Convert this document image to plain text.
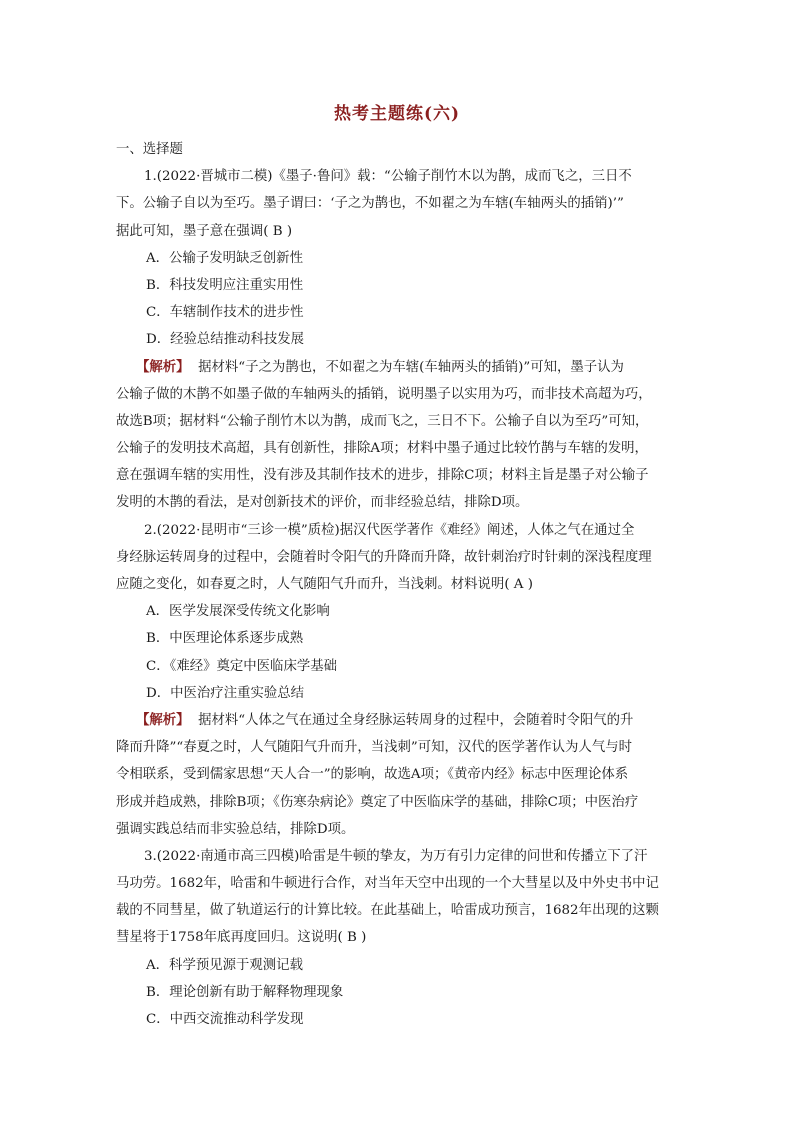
热考主题练(六)
一、选择题
1.(2022·晋城市二模)《墨子·鲁问》载：“公输子削竹木以为鹊，成而飞之，三日不
下。公输子自以为至巧。墨子谓曰：‘子之为鹊也，不如翟之为车辖(车轴两头的插销)’”
据此可知，墨子意在强调( B )
A．公输子发明缺乏创新性
B．科技发明应注重实用性
C．车辖制作技术的进步性
D．经验总结推动科技发展
【解析】 据材料“子之为鹊也，不如翟之为车辖(车轴两头的插销)”可知，墨子认为
公输子做的木鹊不如墨子做的车轴两头的插销，说明墨子以实用为巧，而非技术高超为巧，
故选B项；据材料“公输子削竹木以为鹊，成而飞之，三日不下。公输子自以为至巧”可知，
公输子的发明技术高超，具有创新性，排除A项；材料中墨子通过比较竹鹊与车辖的发明，
意在强调车辖的实用性，没有涉及其制作技术的进步，排除C项；材料主旨是墨子对公输子
发明的木鹊的看法，是对创新技术的评价，而非经验总结，排除D项。
2.(2022·昆明市“三诊一模”质检)据汉代医学著作《难经》阐述，人体之气在通过全
身经脉运转周身的过程中，会随着时令阳气的升降而升降，故针刺治疗时针刺的深浅程度理
应随之变化，如春夏之时，人气随阳气升而升，当浅刺。材料说明( A )
A．医学发展深受传统文化影响
B．中医理论体系逐步成熟
C．《难经》奠定中医临床学基础
D．中医治疗注重实验总结
【解析】 据材料“人体之气在通过全身经脉运转周身的过程中，会随着时令阳气的升
降而升降”“春夏之时，人气随阳气升而升，当浅刺”可知，汉代的医学著作认为人气与时
令相联系，受到儒家思想“天人合一”的影响，故选A项；《黄帝内经》标志中医理论体系
形成并趋成熟，排除B项；《伤寒杂病论》奠定了中医临床学的基础，排除C项；中医治疗
强调实践总结而非实验总结，排除D项。
3.(2022·南通市高三四模)哈雷是牛顿的挚友，为万有引力定律的问世和传播立下了汗
马功劳。1682年，哈雷和牛顿进行合作，对当年天空中出现的一个大彗星以及中外史书中记
载的不同彗星，做了轨道运行的计算比较。在此基础上，哈雷成功预言，1682年出现的这颗
彗星将于1758年底再度回归。这说明( B )
A．科学预见源于观测记载
B．理论创新有助于解释物理现象
C．中西交流推动科学发现
